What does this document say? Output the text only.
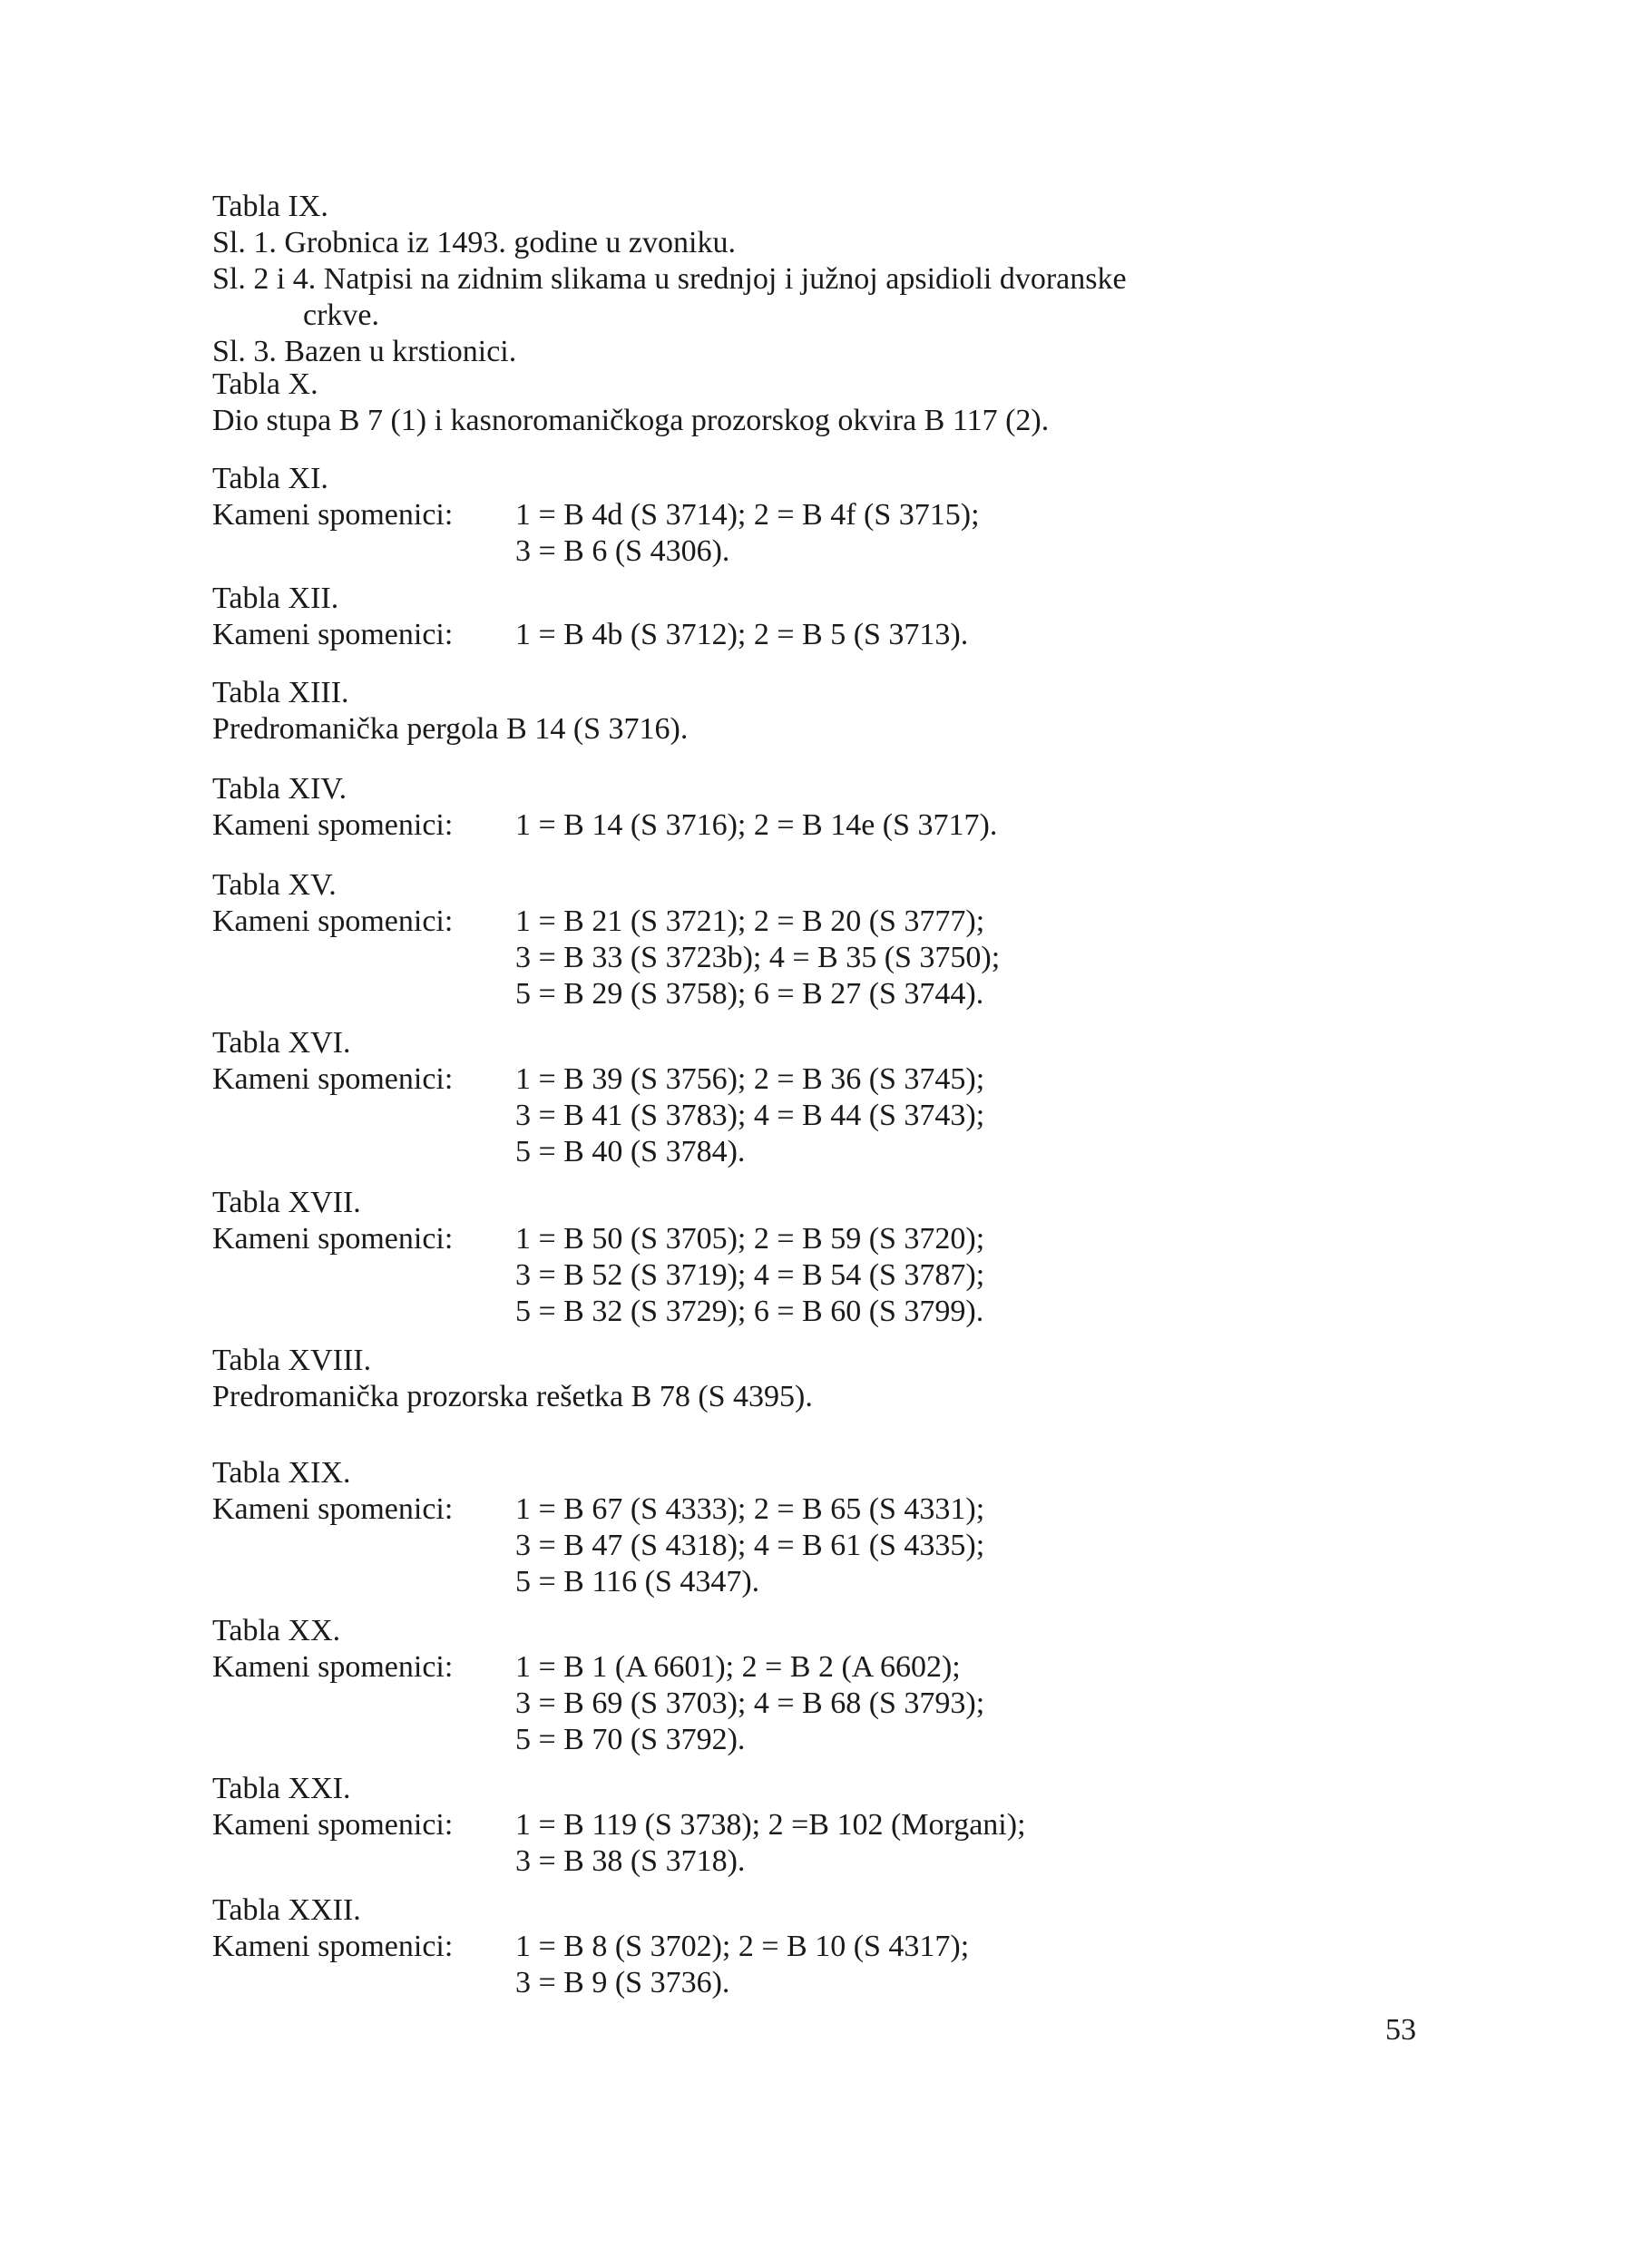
Tabla IX.
Sl. 1. Grobnica iz 1493. godine u zvoniku.
Sl. 2 i 4. Natpisi na zidnim slikama u srednjoj i južnoj apsidioli dvoranske
crkve.
Sl. 3. Bazen u krstionici.
Tabla X.
Dio stupa B 7 (1) i kasnoromaničkoga prozorskog okvira B 117 (2).
Tabla XI.
Kameni spomenici:	1 = B 4d (S 3714); 2 = B 4f (S 3715);
3 = B 6 (S 4306).
Tabla XII.
Kameni spomenici:	1 = B 4b (S 3712); 2 = B 5 (S 3713).
Tabla XIII.
Predromanička pergola B 14 (S 3716).
Tabla XIV.
Kameni spomenici:	1 = B 14 (S 3716); 2 = B 14e (S 3717).
Tabla XV.
Kameni spomenici:	1 = B 21 (S 3721); 2 = B 20 (S 3777);
3 = B 33 (S 3723b); 4 = B 35 (S 3750);
5 = B 29 (S 3758); 6 = B 27 (S 3744).
Tabla XVI.
Kameni spomenici:	1 = B 39 (S 3756); 2 = B 36 (S 3745);
3 = B 41 (S 3783); 4 = B 44 (S 3743);
5 = B 40 (S 3784).
Tabla XVII.
Kameni spomenici:	1 = B 50 (S 3705); 2 = B 59 (S 3720);
3 = B 52 (S 3719); 4 = B 54 (S 3787);
5 = B 32 (S 3729); 6 = B 60 (S 3799).
Tabla XVIII.
Predromanička prozorska rešetka B 78 (S 4395).
Tabla XIX.
Kameni spomenici:	1 = B 67 (S 4333); 2 = B 65 (S 4331);
3 = B 47 (S 4318); 4 = B 61 (S 4335);
5 = B 116 (S 4347).
Tabla XX.
Kameni spomenici:	1 = B 1 (A 6601); 2 = B 2 (A 6602);
3 = B 69 (S 3703); 4 = B 68 (S 3793);
5 = B 70 (S 3792).
Tabla XXI.
Kameni spomenici:	1 = B 119 (S 3738); 2 =B 102 (Morgani);
3 = B 38 (S 3718).
Tabla XXII.
Kameni spomenici:	1 = B 8 (S 3702); 2 = B 10 (S 4317);
3 = B 9 (S 3736).
53
